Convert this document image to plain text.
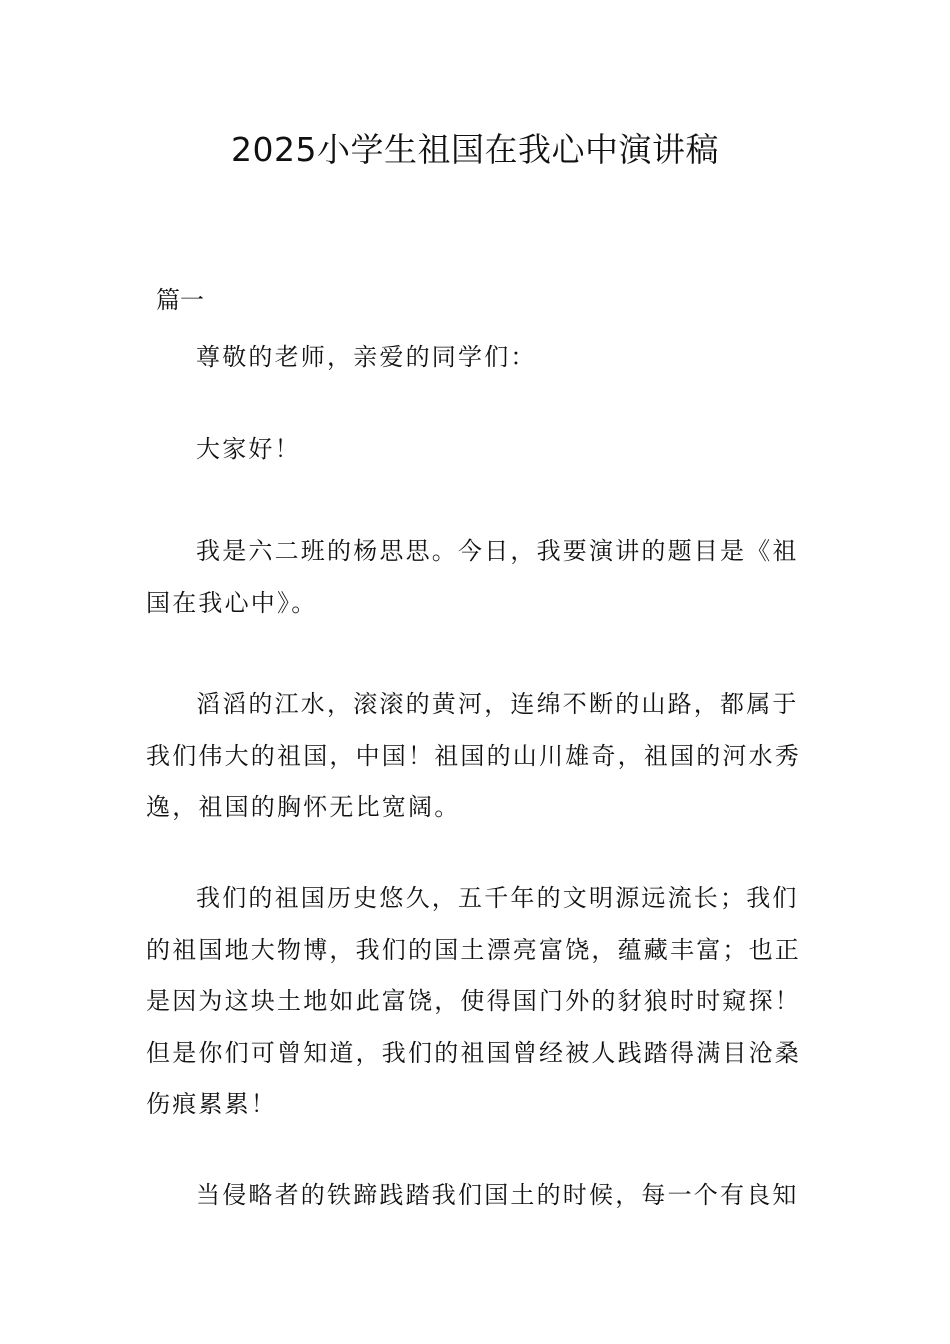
2025小学生祖国在我心中演讲稿
篇一

尊敬的老师，亲爱的同学们：

大家好！

我是六二班的杨思思。今日，我要演讲的题目是《祖国在我心中》。

滔滔的江水，滚滚的黄河，连绵不断的山路，都属于我们伟大的祖国，中国！祖国的山川雄奇，祖国的河水秀逸，祖国的胸怀无比宽阔。

我们的祖国历史悠久，五千年的文明源远流长；我们的祖国地大物博，我们的国土漂亮富饶，蕴藏丰富；也正是因为这块土地如此富饶，使得国门外的豺狼时时窥探！但是你们可曾知道，我们的祖国曾经被人践踏得满目沧桑伤痕累累！

当侵略者的铁蹄践踏我们国土的时候，每一个有良知
